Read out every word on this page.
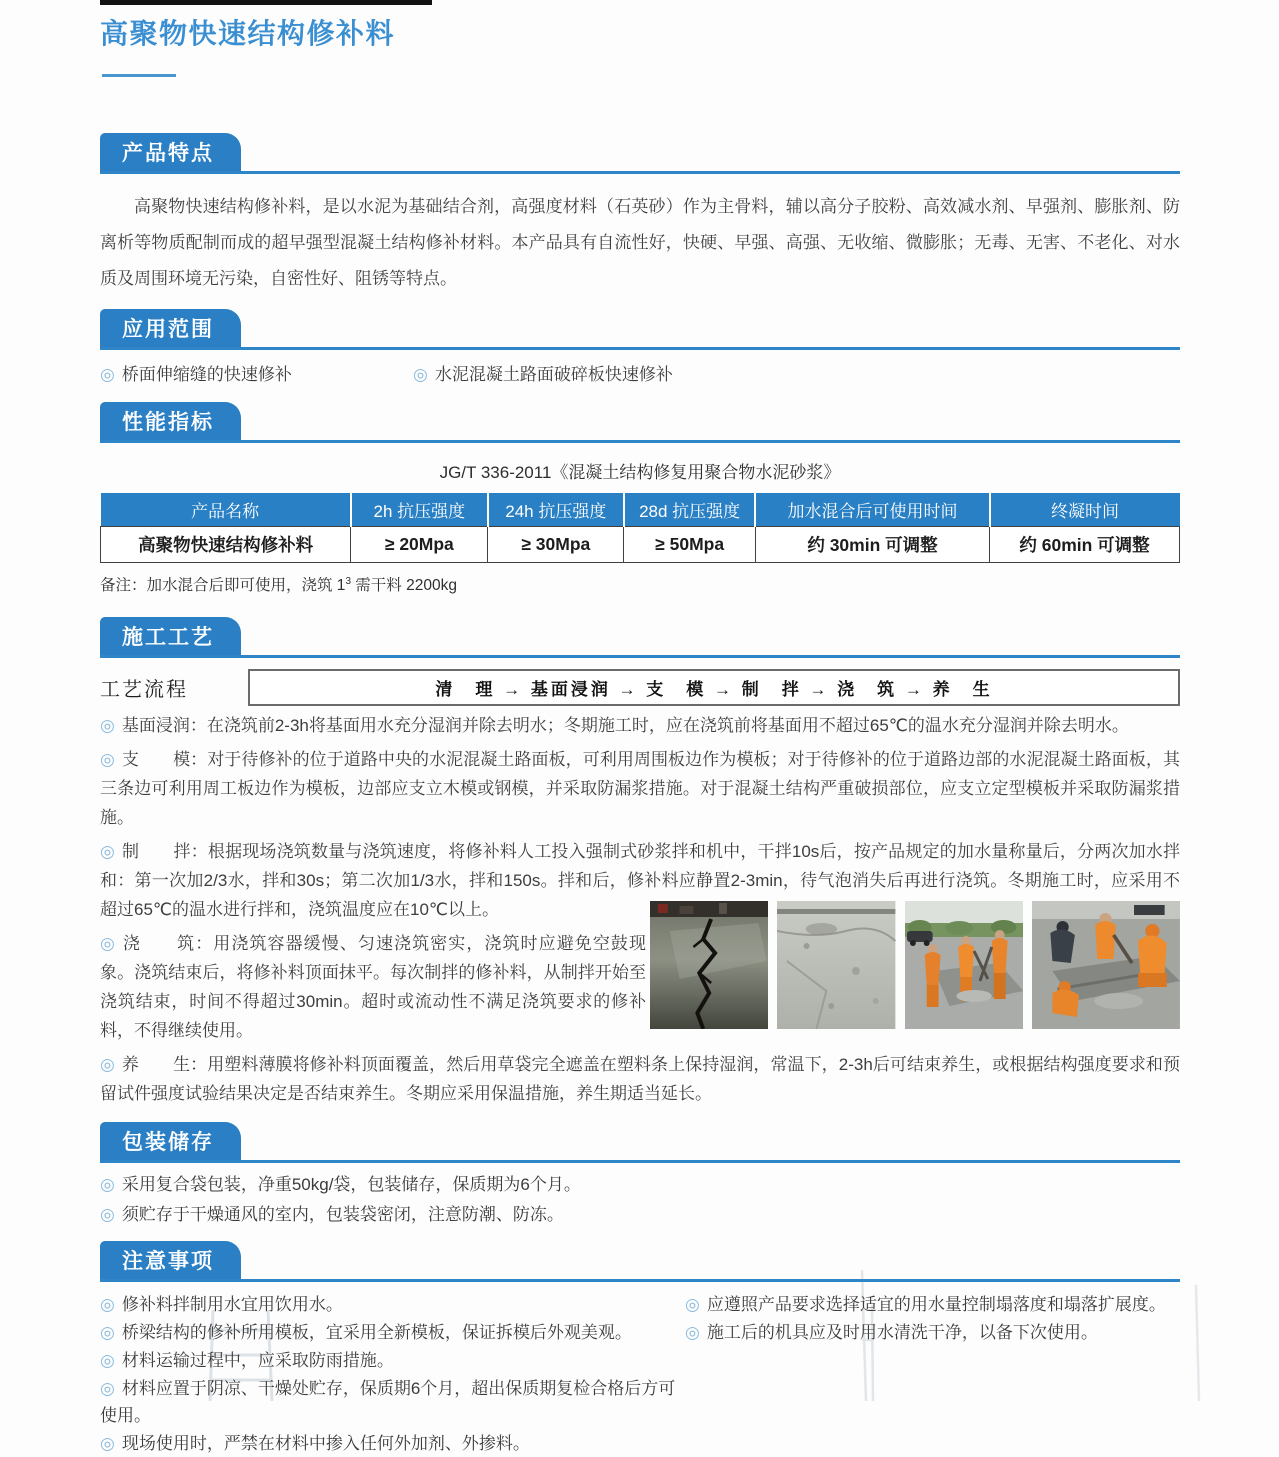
高聚物快速结构修补料
产品特点

高聚物快速结构修补料，是以水泥为基础结合剂，高强度材料（石英砂）作为主骨料，辅以高分子胶粉、高效减水剂、早强剂、膨胀剂、防离析等物质配制而成的超早强型混凝土结构修补材料。本产品具有自流性好，快硬、早强、高强、无收缩、微膨胀；无毒、无害、不老化、对水质及周围环境无污染，自密性好、阻锈等特点。

应用范围
◎ 桥面伸缩缝的快速修补	◎ 水泥混凝土路面破碎板快速修补
性能指标
JG/T 336-2011《混凝土结构修复用聚合物水泥砂浆》
产品名称	2h 抗压强度	24h 抗压强度	28d 抗压强度	加水混合后可使用时间	终凝时间
高聚物快速结构修补料	≥ 20Mpa	≥ 30Mpa	≥ 50Mpa	约 30min 可调整	约 60min 可调整
备注：加水混合后即可使用，浇筑 $1^3$ 需干料 2200kg
施工工艺
工艺流程	清　理 → 基面浸润 → 支　模 → 制　拌 → 浇　筑 → 养　生

◎ 基面浸润：在浇筑前2-3h将基面用水充分湿润并除去明水；冬期施工时，应在浇筑前将基面用不超过65℃的温水充分湿润并除去明水。

◎ 支　　模：对于待修补的位于道路中央的水泥混凝土路面板，可利用周围板边作为模板；对于待修补的位于道路边部的水泥混凝土路面板，其三条边可利用周工板边作为模板，边部应支立木模或钢模，并采取防漏浆措施。对于混凝土结构严重破损部位，应支立定型模板并采取防漏浆措施。

◎ 制　　拌：根据现场浇筑数量与浇筑速度，将修补料人工投入强制式砂浆拌和机中，干拌10s后，按产品规定的加水量称量后，分两次加水拌和：第一次加2/3水，拌和30s；第二次加1/3水，拌和150s。拌和后，修补料应静置2-3min，待气泡消失后再进行浇筑。冬期施工时，应采用不超过65℃的温水进行拌和，浇筑温度应在10℃以上。

◎ 浇　　筑：用浇筑容器缓慢、匀速浇筑密实，浇筑时应避免空鼓现象。浇筑结束后，将修补料顶面抹平。每次制拌的修补料，从制拌开始至浇筑结束，时间不得超过30min。超时或流动性不满足浇筑要求的修补料，不得继续使用。

◎ 养　　生：用塑料薄膜将修补料顶面覆盖，然后用草袋完全遮盖在塑料条上保持湿润，常温下，2-3h后可结束养生，或根据结构强度要求和预留试件强度试验结果决定是否结束养生。冬期应采用保温措施，养生期适当延长。

包装储存
◎ 采用复合袋包装，净重50kg/袋，包装储存，保质期为6个月。
◎ 须贮存于干燥通风的室内，包装袋密闭，注意防潮、防冻。
注意事项
◎ 修补料拌制用水宜用饮用水。
◎ 桥梁结构的修补所用模板，宜采用全新模板，保证拆模后外观美观。
◎ 材料运输过程中，应采取防雨措施。
◎ 材料应置于阴凉、干燥处贮存，保质期6个月，超出保质期复检合格后方可使用。
◎ 现场使用时，严禁在材料中掺入任何外加剂、外掺料。
◎ 应遵照产品要求选择适宜的用水量控制塌落度和塌落扩展度。
◎ 施工后的机具应及时用水清洗干净，以备下次使用。
